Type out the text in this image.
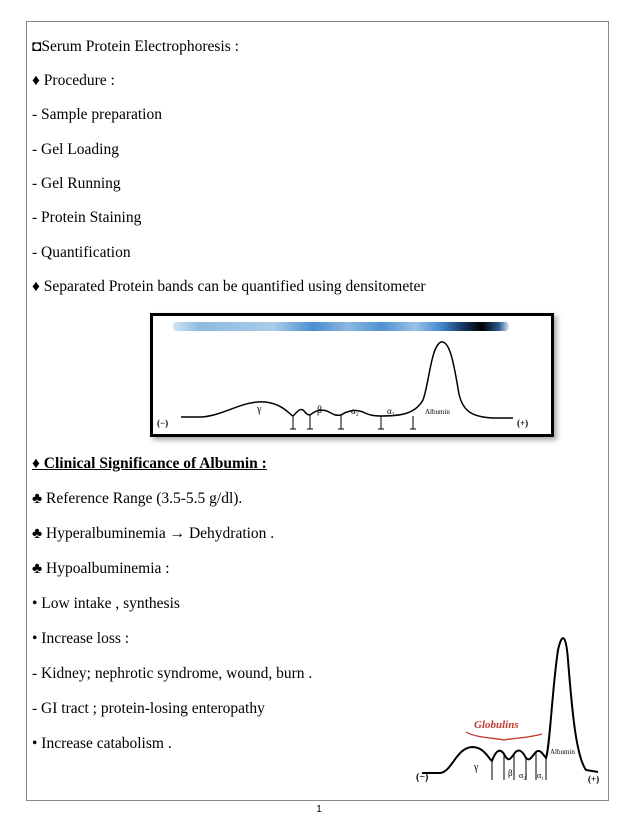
◘Serum Protein Electrophoresis :
♦ Procedure :
- Sample preparation
- Gel Loading
- Gel Running
- Protein Staining
- Quantification
♦ Separated Protein bands can be quantified using densitometer
(−)	(+)
γ	β	α₂	α₁	Albumin
♦ Clinical Significance of Albumin :
♣ Reference Range (3.5-5.5 g/dl).
♣ Hyperalbuminemia → Dehydration .
♣ Hypoalbuminemia :
• Low intake , synthesis
• Increase loss :
- Kidney; nephrotic syndrome, wound, burn .
- GI tract ; protein-losing enteropathy
• Increase catabolism .
Globulins
(−)	(+)
γ	β α₂ α₁
Albumin
1
